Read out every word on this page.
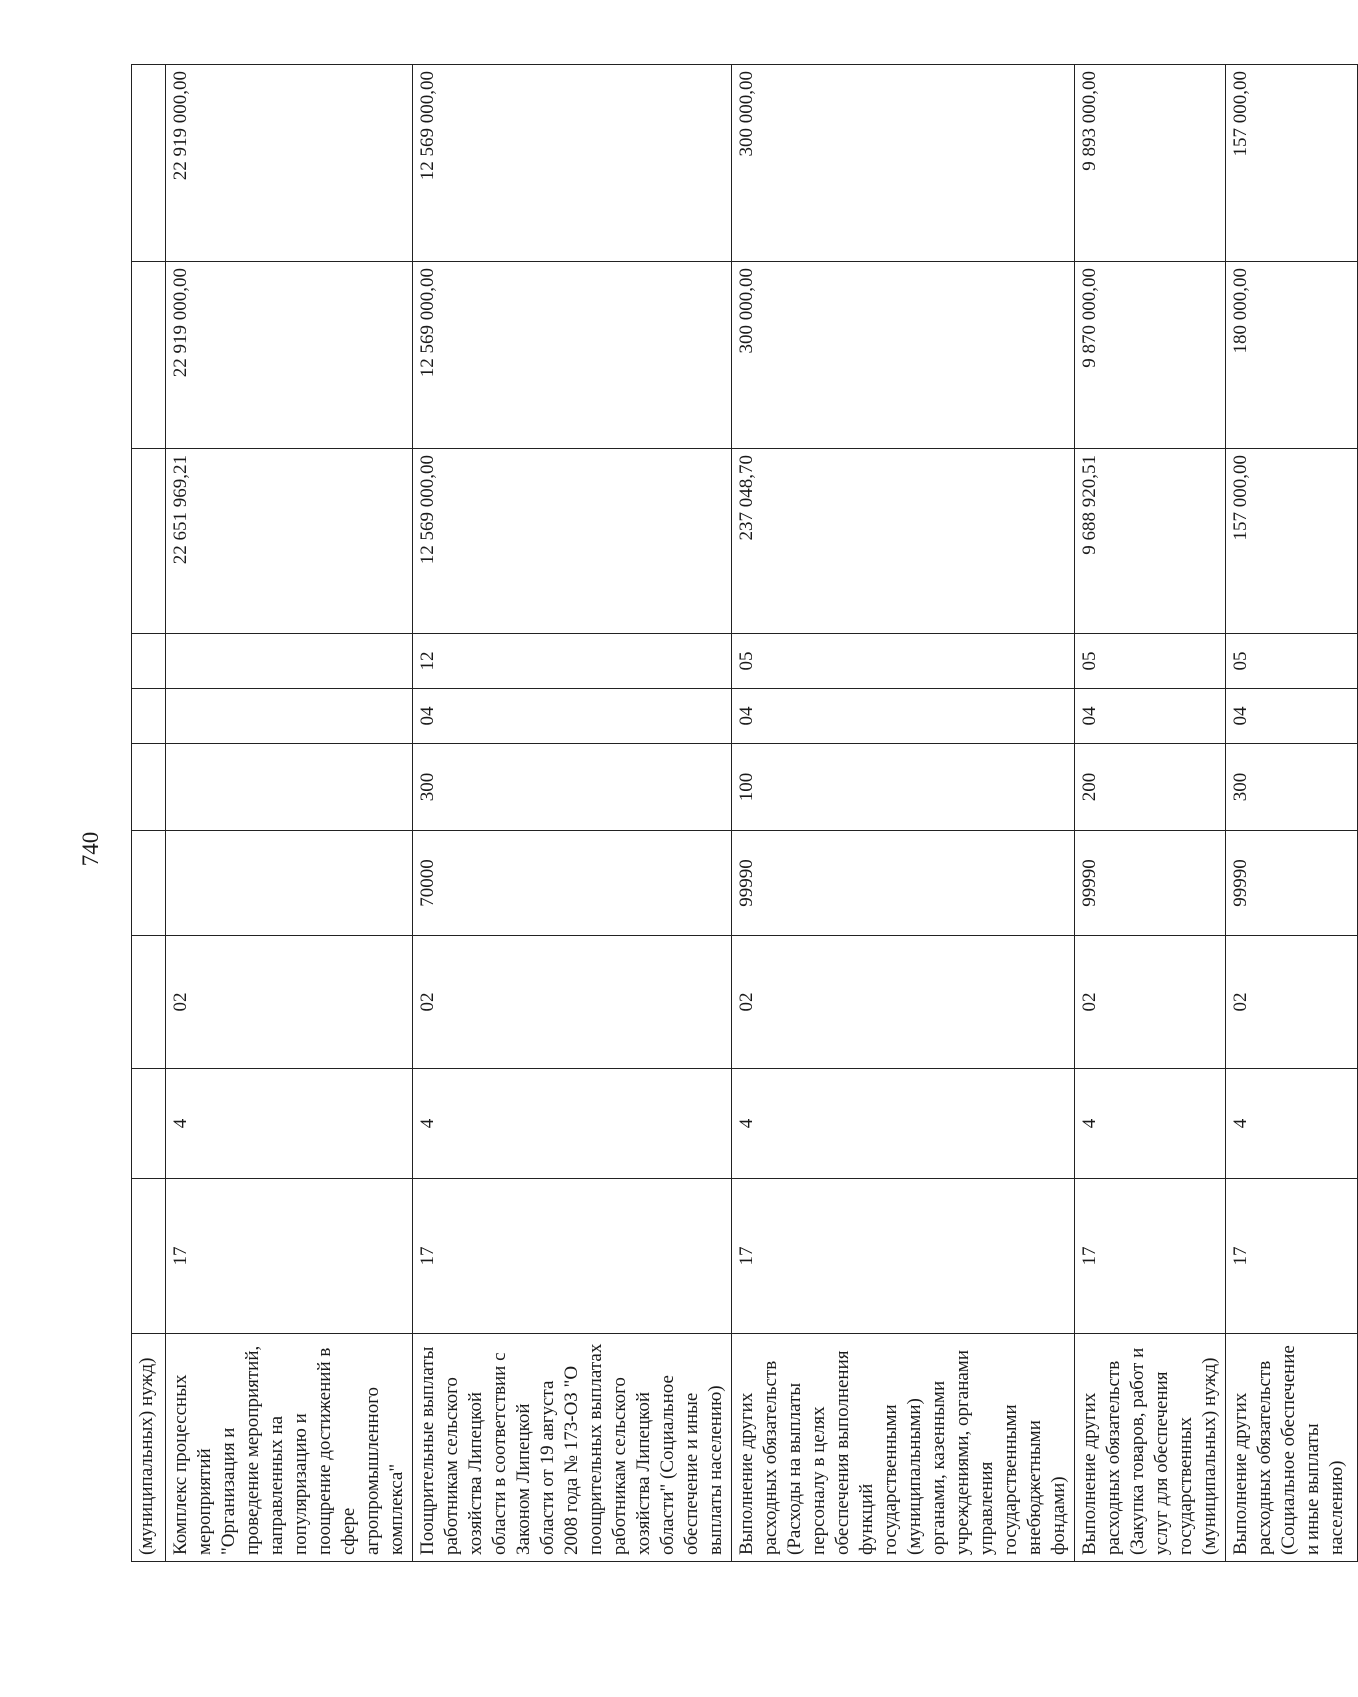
740
(муниципальных) нужд)										
Комплекс процессных мероприятий "Организация и проведение мероприятий, направленных на популяризацию и поощрение достижений в сфере агропромышленного комплекса"	17	4	02					22 651 969,21	22 919 000,00	22 919 000,00
Поощрительные выплаты работникам сельского хозяйства Липецкой области в соответствии с Законом Липецкой области от 19 августа 2008 года № 173-ОЗ "О поощрительных выплатах работникам сельского хозяйства Липецкой области" (Социальное обеспечение и иные выплаты населению)	17	4	02	70000	300	04	12	12 569 000,00	12 569 000,00	12 569 000,00
Выполнение других расходных обязательств (Расходы на выплаты персоналу в целях обеспечения выполнения функций государственными (муниципальными) органами, казенными учреждениями, органами управления государственными внебюджетными фондами)	17	4	02	99990	100	04	05	237 048,70	300 000,00	300 000,00
Выполнение других расходных обязательств (Закупка товаров, работ и услуг для обеспечения государственных (муниципальных) нужд)	17	4	02	99990	200	04	05	9 688 920,51	9 870 000,00	9 893 000,00
Выполнение других расходных обязательств (Социальное обеспечение и иные выплаты населению)	17	4	02	99990	300	04	05	157 000,00	180 000,00	157 000,00
